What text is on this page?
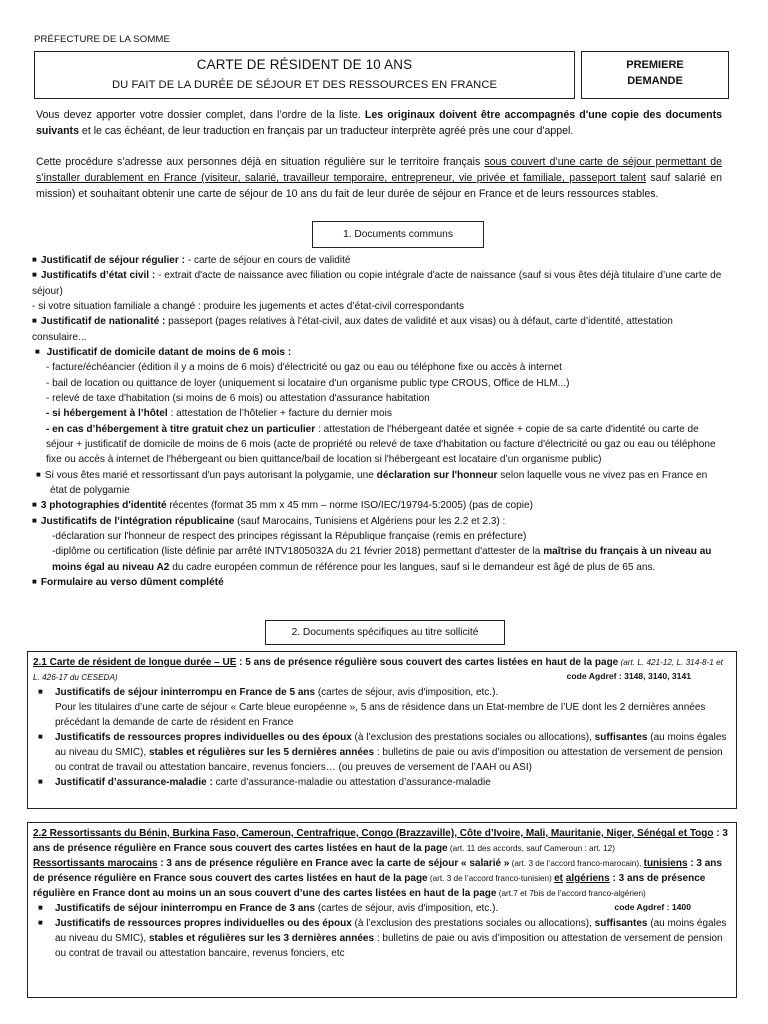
PRÉFECTURE DE LA SOMME
CARTE DE RÉSIDENT DE 10 ANS
DU FAIT DE LA DURÉE DE SÉJOUR ET DES RESSOURCES EN FRANCE
PREMIERE
DEMANDE

Vous devez apporter votre dossier complet, dans l’ordre de la liste. Les originaux doivent être accompagnés d'une copie des documents suivants et le cas échéant, de leur traduction en français par un traducteur interprète agréé près une cour d'appel.

Cette procédure s’adresse aux personnes déjà en situation régulière sur le territoire français sous couvert d’une carte de séjour permettant de s’installer durablement en France (visiteur, salarié, travailleur temporaire, entrepreneur, vie privée et familiale, passeport talent sauf salarié en mission) et souhaitant obtenir une carte de séjour de 10 ans du fait de leur durée de séjour en France et de leurs ressources stables.

1. Documents communs
■ Justificatif de séjour régulier : - carte de séjour en cours de validité
■ Justificatifs d’état civil : - extrait d'acte de naissance avec filiation ou copie intégrale d'acte de naissance (sauf si vous êtes déjà titulaire d’une carte de séjour)
- si votre situation familiale a changé : produire les jugements et actes d’état-civil correspondants
■ Justificatif de nationalité : passeport (pages relatives à l'état-civil, aux dates de validité et aux visas) ou à défaut, carte d’identité, attestation consulaire...
■ Justificatif de domicile datant de moins de 6 mois :
- facture/échéancier (édition il y a moins de 6 mois) d'électricité ou gaz ou eau ou téléphone fixe ou accès à internet
- bail de location ou quittance de loyer (uniquement si locataire d'un organisme public type CROUS, Office de HLM...)
- relevé de taxe d'habitation (si moins de 6 mois) ou attestation d'assurance habitation
- si hébergement à l’hôtel : attestation de l’hôtelier + facture du dernier mois
- en cas d’hébergement à titre gratuit chez un particulier : attestation de l'hébergeant datée et signée + copie de sa carte d'identité ou carte de séjour + justificatif de domicile de moins de 6 mois (acte de propriété ou relevé de taxe d'habitation ou facture d'électricité ou gaz ou eau ou téléphone fixe ou accès à internet de l'hébergeant ou bien quittance/bail de location si l'hébergeant est locataire d’un organisme public)
■ Si vous êtes marié et ressortissant d'un pays autorisant la polygamie, une déclaration sur l'honneur selon laquelle vous ne vivez pas en France en état de polygamie
■ 3 photographies d'identité récentes (format 35 mm x 45 mm – norme ISO/IEC/19794-5:2005) (pas de copie)
■ Justificatifs de l’intégration républicaine (sauf Marocains, Tunisiens et Algériens pour les 2.2 et 2.3) :
-déclaration sur l'honneur de respect des principes régissant la République française (remis en préfecture)
-diplôme ou certification (liste définie par arrêté INTV1805032A du 21 février 2018) permettant d'attester de la maîtrise du français à un niveau au moins égal au niveau A2 du cadre européen commun de référence pour les langues, sauf si le demandeur est âgé de plus de 65 ans.
■ Formulaire au verso dûment complété
2. Documents spécifiques au titre sollicité
2.1 Carte de résident de longue durée – UE : 5 ans de présence régulière sous couvert des cartes listées en haut de la page (art. L. 421-12, L. 314-8-1 et L. 426-17 du CESEDA)	code Agdref : 3148, 3140, 3141
■ Justificatifs de séjour ininterrompu en France de 5 ans (cartes de séjour, avis d'imposition, etc.).
Pour les titulaires d’une carte de séjour « Carte bleue européenne », 5 ans de résidence dans un Etat-membre de l’UE dont les 2 dernières années précédant la demande de carte de résident en France
■ Justificatifs de ressources propres individuelles ou des époux (à l’exclusion des prestations sociales ou allocations), suffisantes (au moins égales au niveau du SMIC), stables et régulières sur les 5 dernières années : bulletins de paie ou avis d’imposition ou attestation de versement de pension ou contrat de travail ou attestation bancaire, revenus fonciers… (ou preuves de versement de l’AAH ou ASI)
■ Justificatif d’assurance-maladie : carte d’assurance-maladie ou attestation d’assurance-maladie
2.2 Ressortissants du Bénin, Burkina Faso, Cameroun, Centrafrique, Congo (Brazzaville), Côte d’Ivoire, Mali, Mauritanie, Niger, Sénégal et Togo : 3 ans de présence régulière en France sous couvert des cartes listées en haut de la page (art. 11 des accords, sauf Cameroun : art. 12)
Ressortissants marocains : 3 ans de présence régulière en France avec la carte de séjour « salarié » (art. 3 de l’accord franco-marocain), tunisiens : 3 ans de présence régulière en France sous couvert des cartes listées en haut de la page (art. 3 de l’accord franco-tunisien) et algériens : 3 ans de présence régulière en France dont au moins un an sous couvert d’une des cartes listées en haut de la page (art.7 et 7bis de l’accord franco-algérien)
code Agdref : 1400
■ Justificatifs de séjour ininterrompu en France de 3 ans (cartes de séjour, avis d'imposition, etc.).
■ Justificatifs de ressources propres individuelles ou des époux (à l’exclusion des prestations sociales ou allocations), suffisantes (au moins égales au niveau du SMIC), stables et régulières sur les 3 dernières années : bulletins de paie ou avis d’imposition ou attestation de versement de pension ou contrat de travail ou attestation bancaire, revenus fonciers, etc
